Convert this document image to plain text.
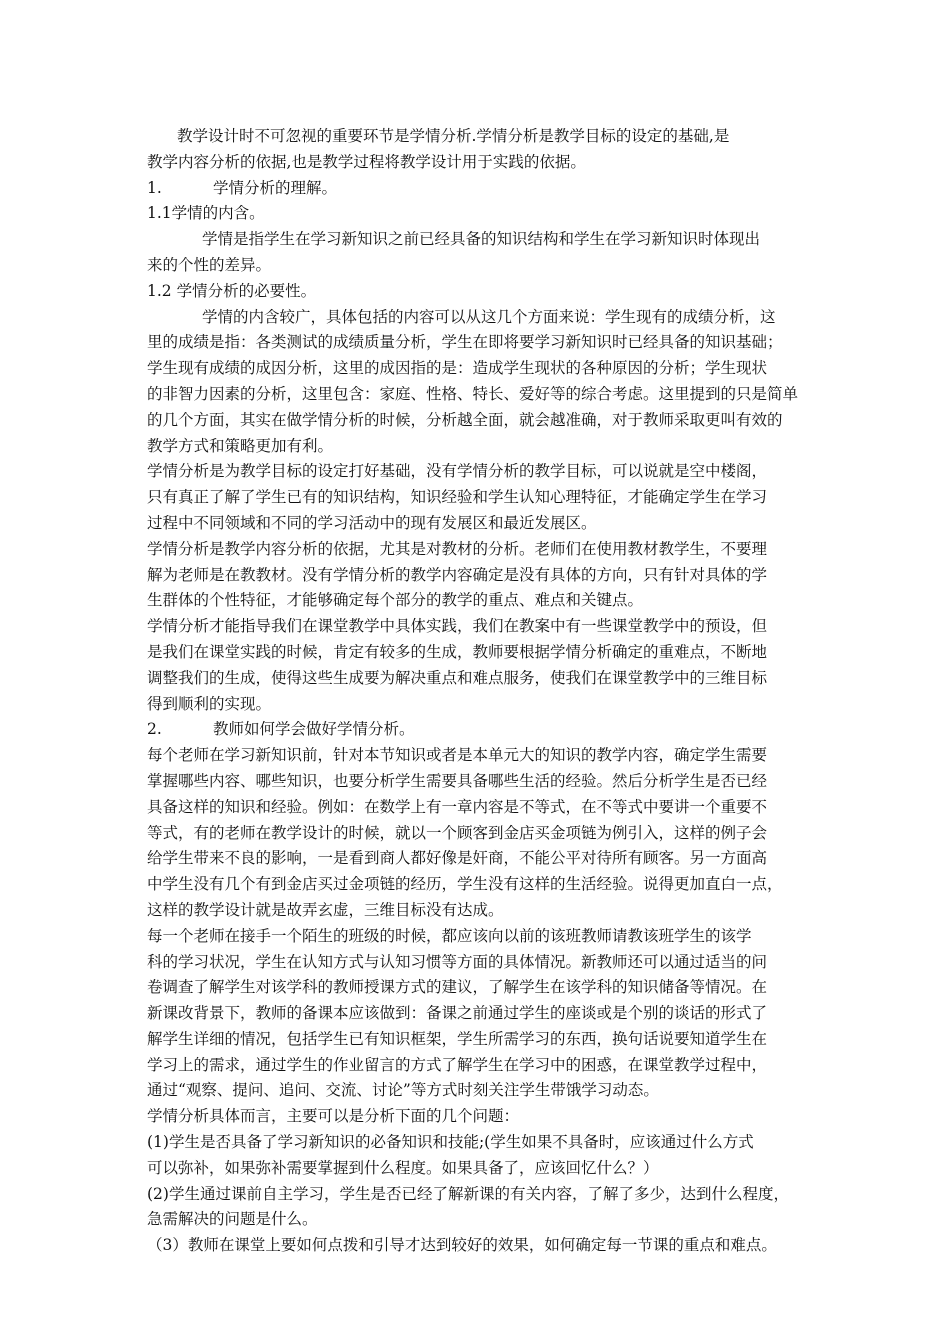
教学设计时不可忽视的重要环节是学情分析.学情分析是教学目标的设定的基础,是
教学内容分析的依据,也是教学过程将教学设计用于实践的依据。
1.	学情分析的理解。
1.1学情的内含。
学情是指学生在学习新知识之前已经具备的知识结构和学生在学习新知识时体现出
来的个性的差异。
1.2 学情分析的必要性。
学情的内含较广，具体包括的内容可以从这几个方面来说：学生现有的成绩分析，这
里的成绩是指：各类测试的成绩质量分析，学生在即将要学习新知识时已经具备的知识基础；
学生现有成绩的成因分析，这里的成因指的是：造成学生现状的各种原因的分析；学生现状
的非智力因素的分析，这里包含：家庭、性格、特长、爱好等的综合考虑。这里提到的只是简单
的几个方面，其实在做学情分析的时候，分析越全面，就会越准确，对于教师采取更叫有效的
教学方式和策略更加有利。
学情分析是为教学目标的设定打好基础，没有学情分析的教学目标，可以说就是空中楼阁，
只有真正了解了学生已有的知识结构，知识经验和学生认知心理特征，才能确定学生在学习
过程中不同领域和不同的学习活动中的现有发展区和最近发展区。
学情分析是教学内容分析的依据，尤其是对教材的分析。老师们在使用教材教学生，不要理
解为老师是在教教材。没有学情分析的教学内容确定是没有具体的方向，只有针对具体的学
生群体的个性特征，才能够确定每个部分的教学的重点、难点和关键点。
学情分析才能指导我们在课堂教学中具体实践，我们在教案中有一些课堂教学中的预设，但
是我们在课堂实践的时候，肯定有较多的生成，教师要根据学情分析确定的重难点，不断地
调整我们的生成，使得这些生成要为解决重点和难点服务，使我们在课堂教学中的三维目标
得到顺利的实现。
2.	教师如何学会做好学情分析。
每个老师在学习新知识前，针对本节知识或者是本单元大的知识的教学内容，确定学生需要
掌握哪些内容、哪些知识，也要分析学生需要具备哪些生活的经验。然后分析学生是否已经
具备这样的知识和经验。例如：在数学上有一章内容是不等式，在不等式中要讲一个重要不
等式，有的老师在教学设计的时候，就以一个顾客到金店买金项链为例引入，这样的例子会
给学生带来不良的影响，一是看到商人都好像是奸商，不能公平对待所有顾客。另一方面高
中学生没有几个有到金店买过金项链的经历，学生没有这样的生活经验。说得更加直白一点，
这样的教学设计就是故弄玄虚，三维目标没有达成。
每一个老师在接手一个陌生的班级的时候，都应该向以前的该班教师请教该班学生的该学
科的学习状况，学生在认知方式与认知习惯等方面的具体情况。新教师还可以通过适当的问
卷调查了解学生对该学科的教师授课方式的建议，了解学生在该学科的知识储备等情况。在
新课改背景下，教师的备课本应该做到：备课之前通过学生的座谈或是个别的谈话的形式了
解学生详细的情况，包括学生已有知识框架，学生所需学习的东西，换句话说要知道学生在
学习上的需求，通过学生的作业留言的方式了解学生在学习中的困惑，在课堂教学过程中，
通过“观察、提问、追问、交流、讨论”等方式时刻关注学生带饿学习动态。
学情分析具体而言，主要可以是分析下面的几个问题：
(1)学生是否具备了学习新知识的必备知识和技能;(学生如果不具备时，应该通过什么方式
可以弥补，如果弥补需要掌握到什么程度。如果具备了，应该回忆什么？）
(2)学生通过课前自主学习，学生是否已经了解新课的有关内容，了解了多少，达到什么程度，
急需解决的问题是什么。
（3）教师在课堂上要如何点拨和引导才达到较好的效果，如何确定每一节课的重点和难点。
